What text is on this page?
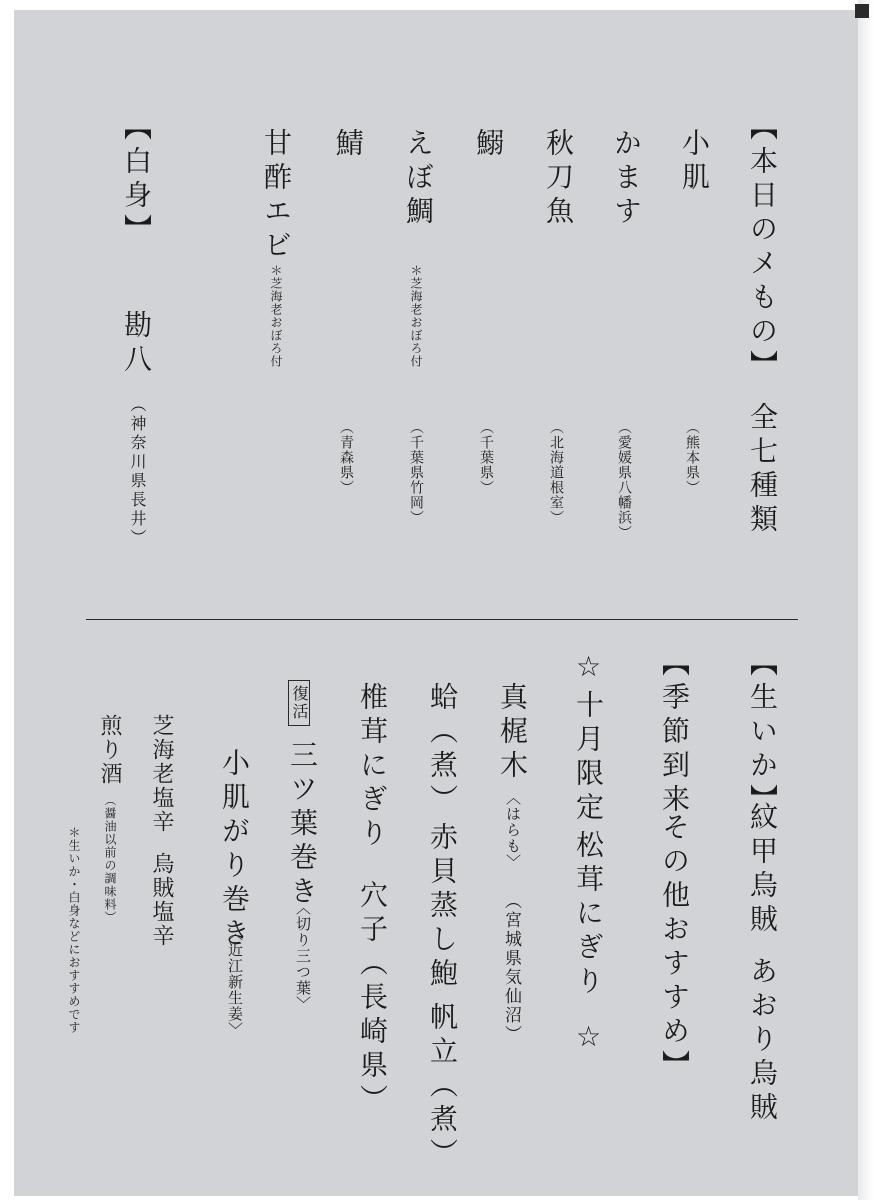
【本日のメもの】
全七種類
小肌
（熊本県）
かます
（愛媛県八幡浜）
秋刀魚
（北海道根室）
鰯
（千葉県）
えぼ鯛
＊芝海老おぼろ付
（千葉県竹岡）
鯖
（青森県）
甘酢エビ
＊芝海老おぼろ付
【白身】
勘八
（神奈川県長井）
【生いか】
紋甲烏賊
あおり烏賊
【季節到来
その他おすすめ】
☆
十月限定
松茸にぎり
☆
真梶木
〈はらも〉
（宮城県気仙沼）
蛤（煮）
赤貝
蒸し鮑
帆立（煮）
椎茸にぎり
穴子（長崎県）
復活
三ツ葉巻き
〈切り三つ葉〉
小肌がり巻き
〈近江新生姜〉
芝海老塩辛
烏賊塩辛
煎り酒
（醤油以前の調味料）
＊生いか・白身などにおすすめです
